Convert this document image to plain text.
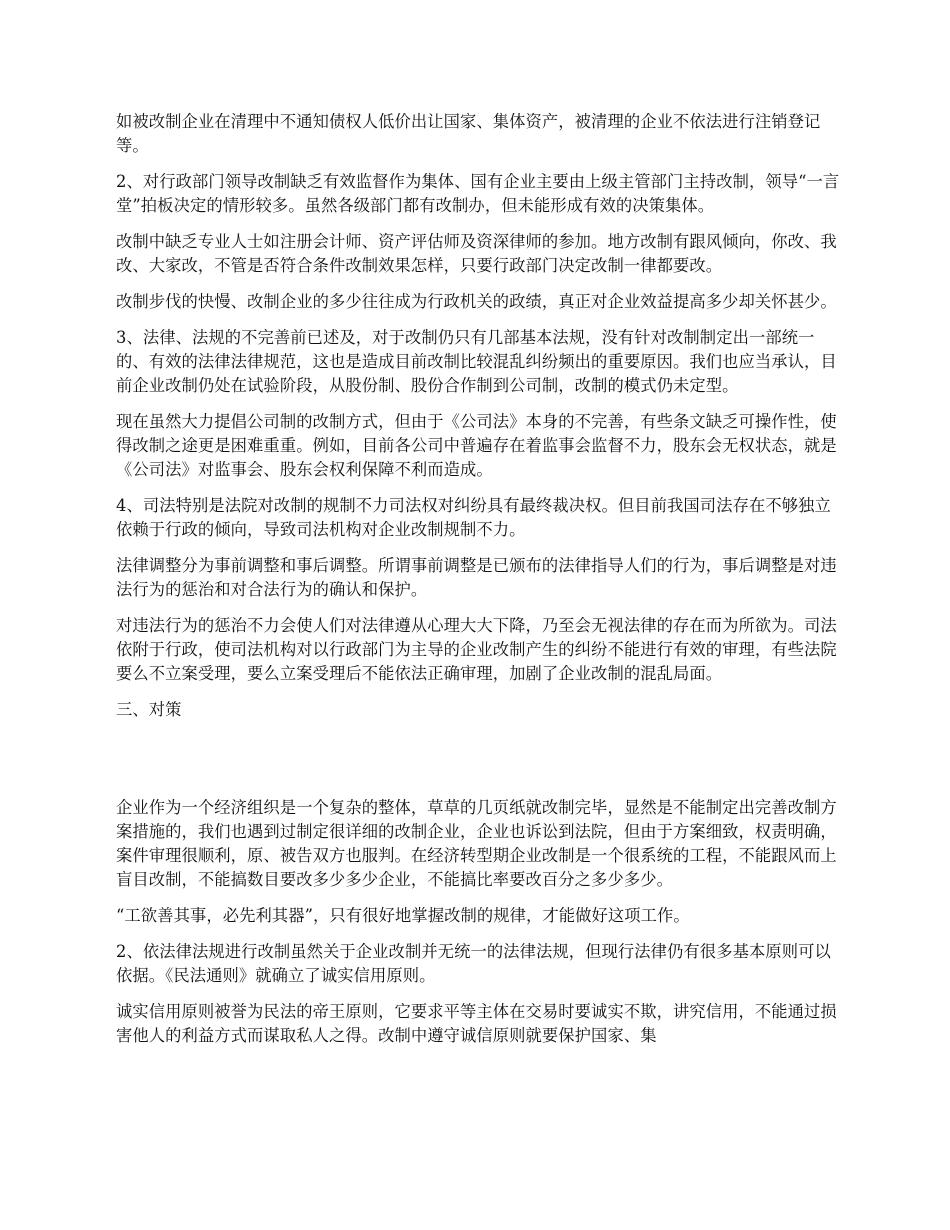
如被改制企业在清理中不通知债权人低价出让国家、集体资产，被清理的企业不依法进行注销登记等。

2、对行政部门领导改制缺乏有效监督作为集体、国有企业主要由上级主管部门主持改制，领导“一言堂”拍板决定的情形较多。虽然各级部门都有改制办，但未能形成有效的决策集体。

改制中缺乏专业人士如注册会计师、资产评估师及资深律师的参加。地方改制有跟风倾向，你改、我改、大家改，不管是否符合条件改制效果怎样，只要行政部门决定改制一律都要改。

改制步伐的快慢、改制企业的多少往往成为行政机关的政绩，真正对企业效益提高多少却关怀甚少。

3、法律、法规的不完善前已述及，对于改制仍只有几部基本法规，没有针对改制制定出一部统一的、有效的法律法律规范，这也是造成目前改制比较混乱纠纷频出的重要原因。我们也应当承认，目前企业改制仍处在试验阶段，从股份制、股份合作制到公司制，改制的模式仍未定型。

现在虽然大力提倡公司制的改制方式，但由于《公司法》本身的不完善，有些条文缺乏可操作性，使得改制之途更是困难重重。例如，目前各公司中普遍存在着监事会监督不力，股东会无权状态，就是《公司法》对监事会、股东会权利保障不利而造成。

4、司法特别是法院对改制的规制不力司法权对纠纷具有最终裁决权。但目前我国司法存在不够独立依赖于行政的倾向，导致司法机构对企业改制规制不力。

法律调整分为事前调整和事后调整。所谓事前调整是已颁布的法律指导人们的行为，事后调整是对违法行为的惩治和对合法行为的确认和保护。

对违法行为的惩治不力会使人们对法律遵从心理大大下降，乃至会无视法律的存在而为所欲为。司法依附于行政，使司法机构对以行政部门为主导的企业改制产生的纠纷不能进行有效的审理，有些法院要么不立案受理，要么立案受理后不能依法正确审理，加剧了企业改制的混乱局面。

三、对策

企业作为一个经济组织是一个复杂的整体，草草的几页纸就改制完毕，显然是不能制定出完善改制方案措施的，我们也遇到过制定很详细的改制企业，企业也诉讼到法院，但由于方案细致，权责明确，案件审理很顺利，原、被告双方也服判。在经济转型期企业改制是一个很系统的工程，不能跟风而上盲目改制，不能搞数目要改多少多少企业，不能搞比率要改百分之多少多少。

“工欲善其事，必先利其器”，只有很好地掌握改制的规律，才能做好这项工作。

2、依法律法规进行改制虽然关于企业改制并无统一的法律法规，但现行法律仍有很多基本原则可以依据。《民法通则》就确立了诚实信用原则。

诚实信用原则被誉为民法的帝王原则，它要求平等主体在交易时要诚实不欺，讲究信用，不能通过损害他人的利益方式而谋取私人之得。改制中遵守诚信原则就要保护国家、集
